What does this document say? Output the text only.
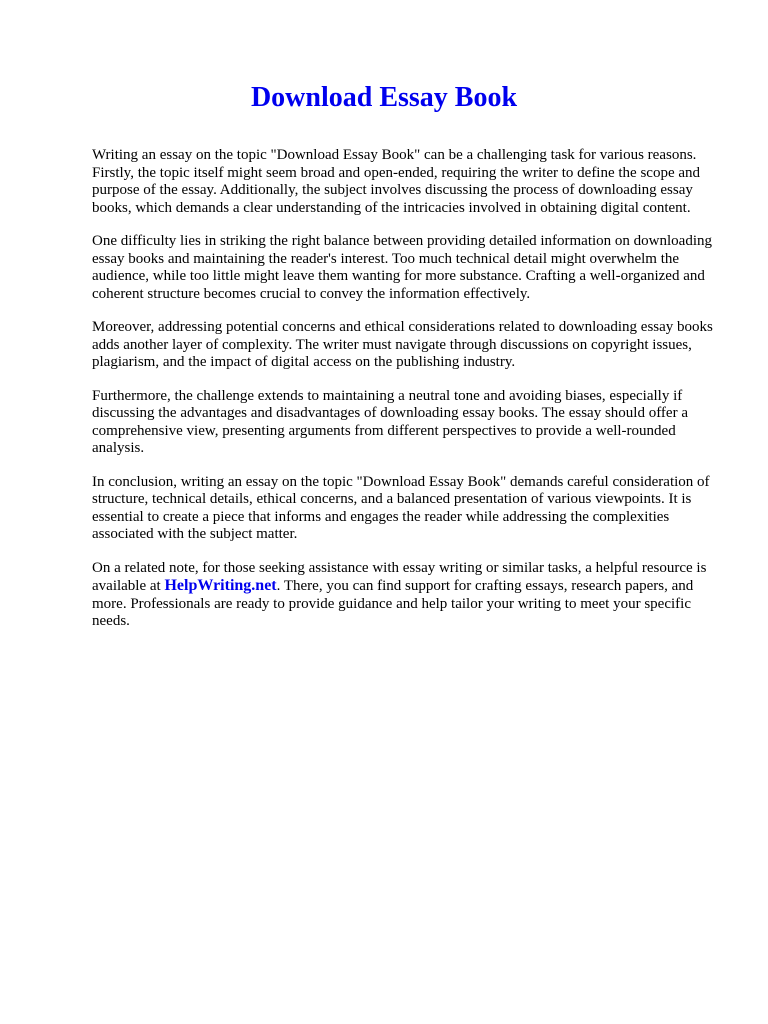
Download Essay Book

Writing an essay on the topic "Download Essay Book" can be a challenging task for various reasons. Firstly, the topic itself might seem broad and open-ended, requiring the writer to define the scope and purpose of the essay. Additionally, the subject involves discussing the process of downloading essay books, which demands a clear understanding of the intricacies involved in obtaining digital content.

One difficulty lies in striking the right balance between providing detailed information on downloading essay books and maintaining the reader's interest. Too much technical detail might overwhelm the audience, while too little might leave them wanting for more substance. Crafting a well-organized and coherent structure becomes crucial to convey the information effectively.

Moreover, addressing potential concerns and ethical considerations related to downloading essay books adds another layer of complexity. The writer must navigate through discussions on copyright issues, plagiarism, and the impact of digital access on the publishing industry.

Furthermore, the challenge extends to maintaining a neutral tone and avoiding biases, especially if discussing the advantages and disadvantages of downloading essay books. The essay should offer a comprehensive view, presenting arguments from different perspectives to provide a well-rounded analysis.

In conclusion, writing an essay on the topic "Download Essay Book" demands careful consideration of structure, technical details, ethical concerns, and a balanced presentation of various viewpoints. It is essential to create a piece that informs and engages the reader while addressing the complexities associated with the subject matter.

On a related note, for those seeking assistance with essay writing or similar tasks, a helpful resource is available at HelpWriting.net. There, you can find support for crafting essays, research papers, and more. Professionals are ready to provide guidance and help tailor your writing to meet your specific needs.
